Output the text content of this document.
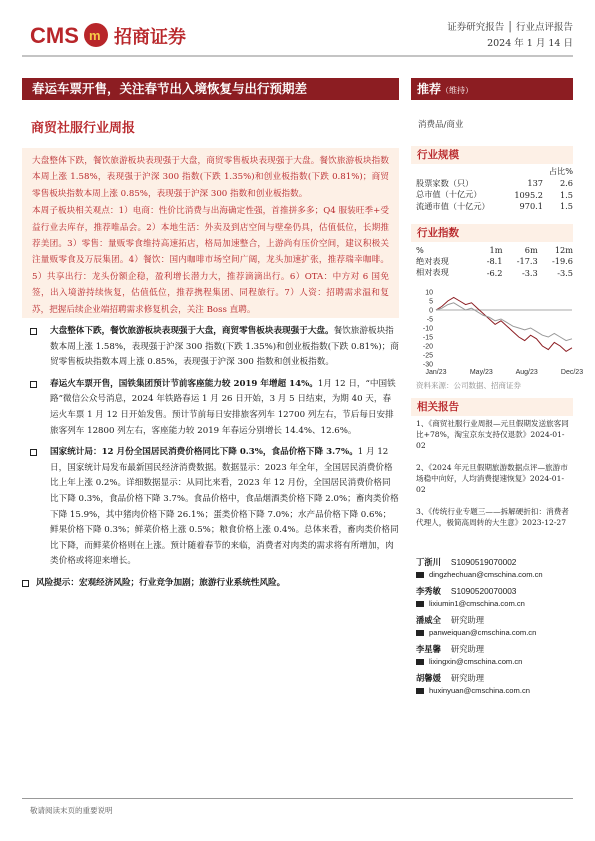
CMS m 招商证券	证券研究报告 │ 行业点评报告
2024 年 1 月 14 日
春运车票开售，关注春节出入境恢复与出行预期差	推荐（维持）
商贸社服行业周报	消费品/商业

大盘整体下跌，餐饮旅游板块表现强于大盘，商贸零售板块表现强于大盘。餐饮旅游板块指数本周上涨 1.58%，表现强于沪深 300 指数(下跌 1.35%)和创业板指数(下跌 0.81%)；商贸零售板块指数本周上涨 0.85%，表现强于沪深 300 指数和创业板指数。

本周子板块相关观点：1）电商：性价比消费与出海确定性强，首推拼多多；Q4 服装旺季+受益行业去库存，推荐唯品会。2）本地生活：外卖及到店空间与壁垒仍具，估值低位，长期推荐美团。3）零售：量贩零食维持高速拓店，格局加速整合，上游尚有压价空间，建议积极关注量贩零食及万辰集团。4）餐饮：国内咖啡市场空间广阔，龙头加速扩张，推荐瑞幸咖啡。5）共享出行：龙头份额企稳，盈利增长潜力大，推荐滴滴出行。6）OTA：中方对 6 国免签，出入境游持续恢复，估值低位，推荐携程集团、同程旅行。7）人资：招聘需求温和复苏，把握后续企业端招聘需求修复机会，关注 Boss 直聘。

大盘整体下跌，餐饮旅游板块表现强于大盘，商贸零售板块表现强于大盘。餐饮旅游板块指数本周上涨 1.58%，表现强于沪深 300 指数(下跌 1.35%)和创业板指数(下跌 0.81%)；商贸零售板块指数本周上涨 0.85%，表现强于沪深 300 指数和创业板指数。
春运火车票开售，国铁集团预计节前客座能力较 2019 年增超 14%。1月 12 日，“中国铁路”微信公众号消息，2024 年铁路春运 1 月 26 日开始，3 月 5 日结束，为期 40 天，春运火车票 1 月 12 日开始发售。预计节前每日安排旅客列车 12700 列左右，节后每日安排旅客列车 12800 列左右，客座能力较 2019 年春运分别增长 14.4%、12.6%。
国家统计局：12 月份全国居民消费价格同比下降 0.3%，食品价格下降 3.7%。1 月 12 日，国家统计局发布最新国民经济消费数据。数据显示：2023 年全年，全国居民消费价格比上年上涨 0.2%。详细数据显示：从同比来看，2023 年 12 月份，全国居民消费价格同比下降 0.3%，食品价格下降 3.7%。食品价格中，食品烟酒类价格下降 2.0%；畜肉类价格下降 15.9%，其中猪肉价格下降 26.1%；蛋类价格下降 7.0%；水产品价格下降 0.6%；鲜果价格下降 0.3%；鲜菜价格上涨 0.5%；粮食价格上涨 0.4%。总体来看，畜肉类价格同比下降，而鲜菜价格则在上涨。预计随着春节的来临，消费者对肉类的需求将有所增加，肉类价格或将迎来增长。
风险提示：宏观经济风险；行业竞争加剧；旅游行业系统性风险。
行业规模
		占比%
股票家数（只）	137	2.6
总市值（十亿元）	1095.2	1.5
流通市值（十亿元）	970.1	1.5
行业指数
%	1m	6m	12m
绝对表现	-8.1	-17.3	-19.6
相对表现	-6.2	-3.3	-3.5
10
5
0
-5
-10
-15
-20
-25
-30
Jan/23	May/23	Aug/23	Dec/23
资料来源：公司数据、招商证券
相关报告
1、《商贸社服行业周报—元旦假期发送旅客同比+78%，淘宝京东支持仅退款》2024-01-02
2、《2024 年元旦假期旅游数据点评—旅游市场稳中向好，人均消费提速恢复》2024-01-02
3、《传统行业专题三——拆解硬折扣：消费者代理人，极简高周转的大生意》2023-12-27
丁浙川 S1090519070002
dingzhechuan@cmschina.com.cn
李秀敏 S1090520070003
lixiumin1@cmschina.com.cn
潘威全 研究助理
panweiquan@cmschina.com.cn
李星馨 研究助理
lixingxin@cmschina.com.cn
胡馨媛 研究助理
huxinyuan@cmschina.com.cn
敬请阅读末页的重要说明
